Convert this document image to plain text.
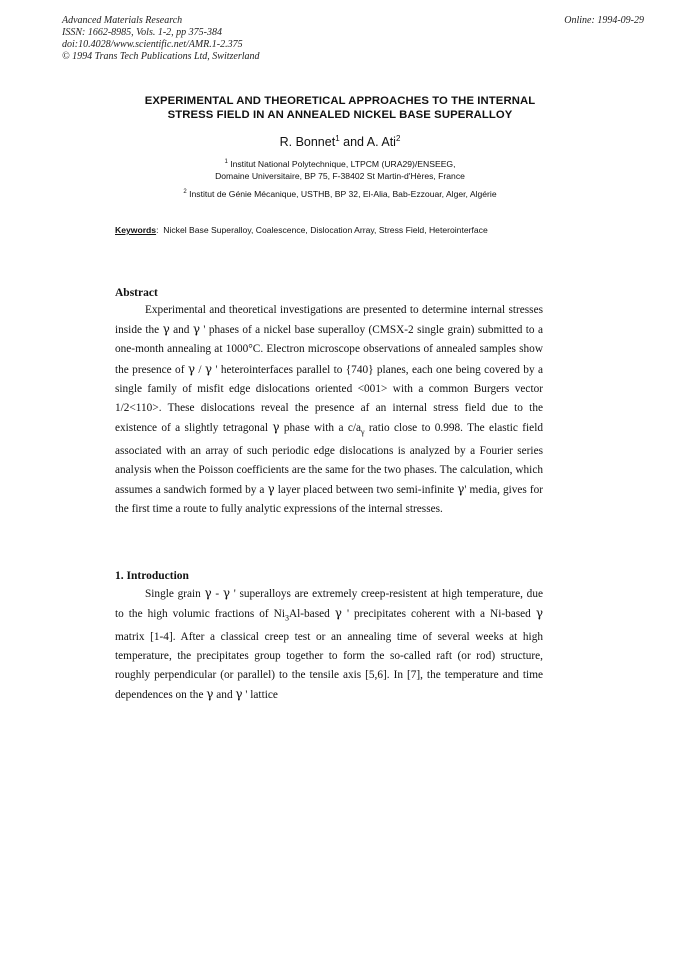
Advanced Materials Research
ISSN: 1662-8985, Vols. 1-2, pp 375-384
doi:10.4028/www.scientific.net/AMR.1-2.375
© 1994 Trans Tech Publications Ltd, Switzerland
Online: 1994-09-29
EXPERIMENTAL AND THEORETICAL APPROACHES TO THE INTERNAL
STRESS FIELD IN AN ANNEALED NICKEL BASE SUPERALLOY
R. Bonnet$^1$ and A. Ati$^2$
$^1$ Institut National Polytechnique, LTPCM (URA29)/ENSEEG,
Domaine Universitaire, BP 75, F-38402 St Martin-d'Hères, France
$^2$ Institut de Génie Mécanique, USTHB, BP 32, El-Alia, Bab-Ezzouar, Alger, Algérie
Keywords:  Nickel Base Superalloy, Coalescence, Dislocation Array, Stress Field, Heterointerface
Abstract
Experimental and theoretical investigations are presented to determine internal stresses inside the γ and γ ' phases of a nickel base superalloy (CMSX-2 single grain) submitted to a one-month annealing at 1000°C. Electron microscope observations of annealed samples show the presence of γ / γ ' heterointerfaces parallel to {740} planes, each one being covered by a single family of misfit edge dislocations oriented <001> with a common Burgers vector 1/2<110>. These dislocations reveal the presence af an internal stress field due to the existence of a slightly tetragonal γ phase with a $c/a_\gamma$ ratio close to 0.998. The elastic field associated with an array of such periodic edge dislocations is analyzed by a Fourier series analysis when the Poisson coefficients are the same for the two phases. The calculation, which assumes a sandwich formed by a γ layer placed between two semi-infinite γ' media, gives for the first time a route to fully analytic expressions of the internal stresses.
1. Introduction
Single grain γ - γ ' superalloys are extremely creep-resistent at high temperature, due to the high volumic fractions of $Ni_3Al$-based γ ' precipitates coherent with a Ni-based γ matrix [1-4]. After a classical creep test or an annealing time of several weeks at high temperature, the precipitates group together to form the so-called raft (or rod) structure, roughly perpendicular (or parallel) to the tensile axis [5,6]. In [7], the temperature and time dependences on the γ and γ ' lattice
